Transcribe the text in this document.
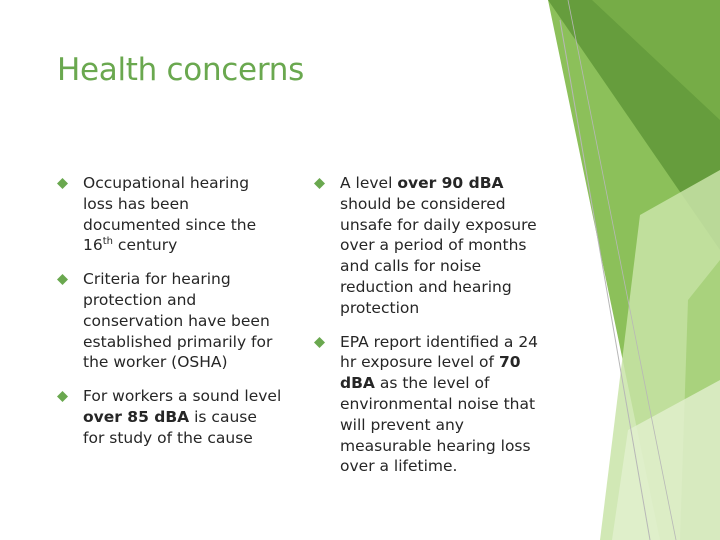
Health concerns
Occupational hearing loss has been documented since the 16th century
Criteria for hearing protection and conservation have been established primarily for the worker (OSHA)
For workers a sound level over 85 dBA is cause for study of the cause
A level over 90 dBA should be considered unsafe for daily exposure over a period of months and calls for noise reduction and hearing protection
EPA report identified a 24 hr exposure level of 70 dBA as the level of environmental noise that will prevent any measurable hearing loss over a lifetime.
